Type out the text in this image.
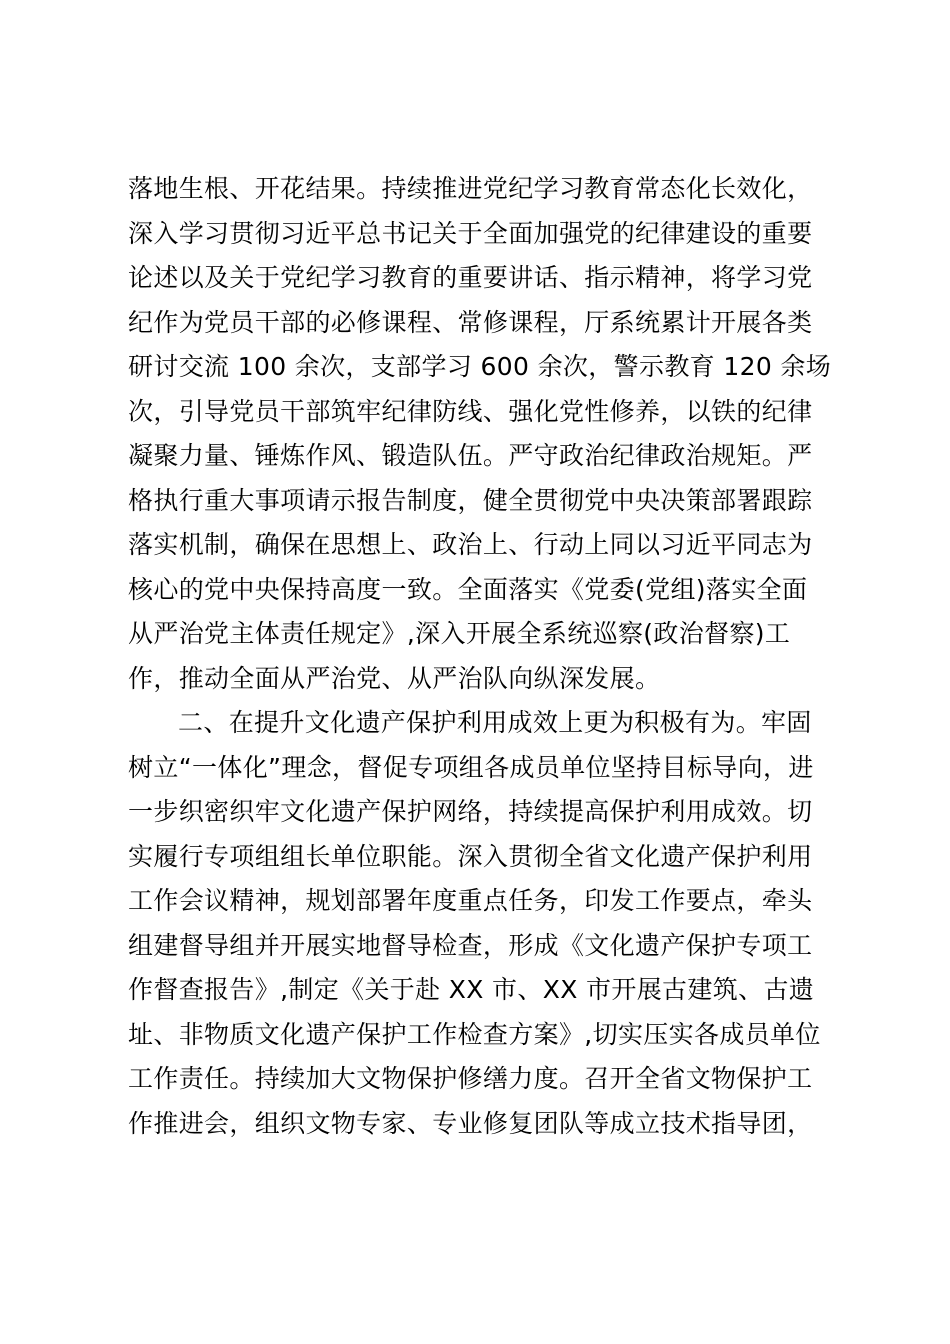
落地生根、开花结果。持续推进党纪学习教育常态化长效化，
深入学习贯彻习近平总书记关于全面加强党的纪律建设的重要
论述以及关于党纪学习教育的重要讲话、指示精神，将学习党
纪作为党员干部的必修课程、常修课程，厅系统累计开展各类
研讨交流 100 余次，支部学习 600 余次，警示教育 120 余场
次，引导党员干部筑牢纪律防线、强化党性修养，以铁的纪律
凝聚力量、锤炼作风、锻造队伍。严守政治纪律政治规矩。严
格执行重大事项请示报告制度，健全贯彻党中央决策部署跟踪
落实机制，确保在思想上、政治上、行动上同以习近平同志为
核心的党中央保持高度一致。全面落实《党委(党组)落实全面
从严治党主体责任规定》,深入开展全系统巡察(政治督察)工
作，推动全面从严治党、从严治队向纵深发展。
二、在提升文化遗产保护利用成效上更为积极有为。牢固
树立“一体化”理念，督促专项组各成员单位坚持目标导向，进
一步织密织牢文化遗产保护网络，持续提高保护利用成效。切
实履行专项组组长单位职能。深入贯彻全省文化遗产保护利用
工作会议精神，规划部署年度重点任务，印发工作要点，牵头
组建督导组并开展实地督导检查，形成《文化遗产保护专项工
作督查报告》,制定《关于赴 XX 市、XX 市开展古建筑、古遗
址、非物质文化遗产保护工作检查方案》,切实压实各成员单位
工作责任。持续加大文物保护修缮力度。召开全省文物保护工
作推进会，组织文物专家、专业修复团队等成立技术指导团，
